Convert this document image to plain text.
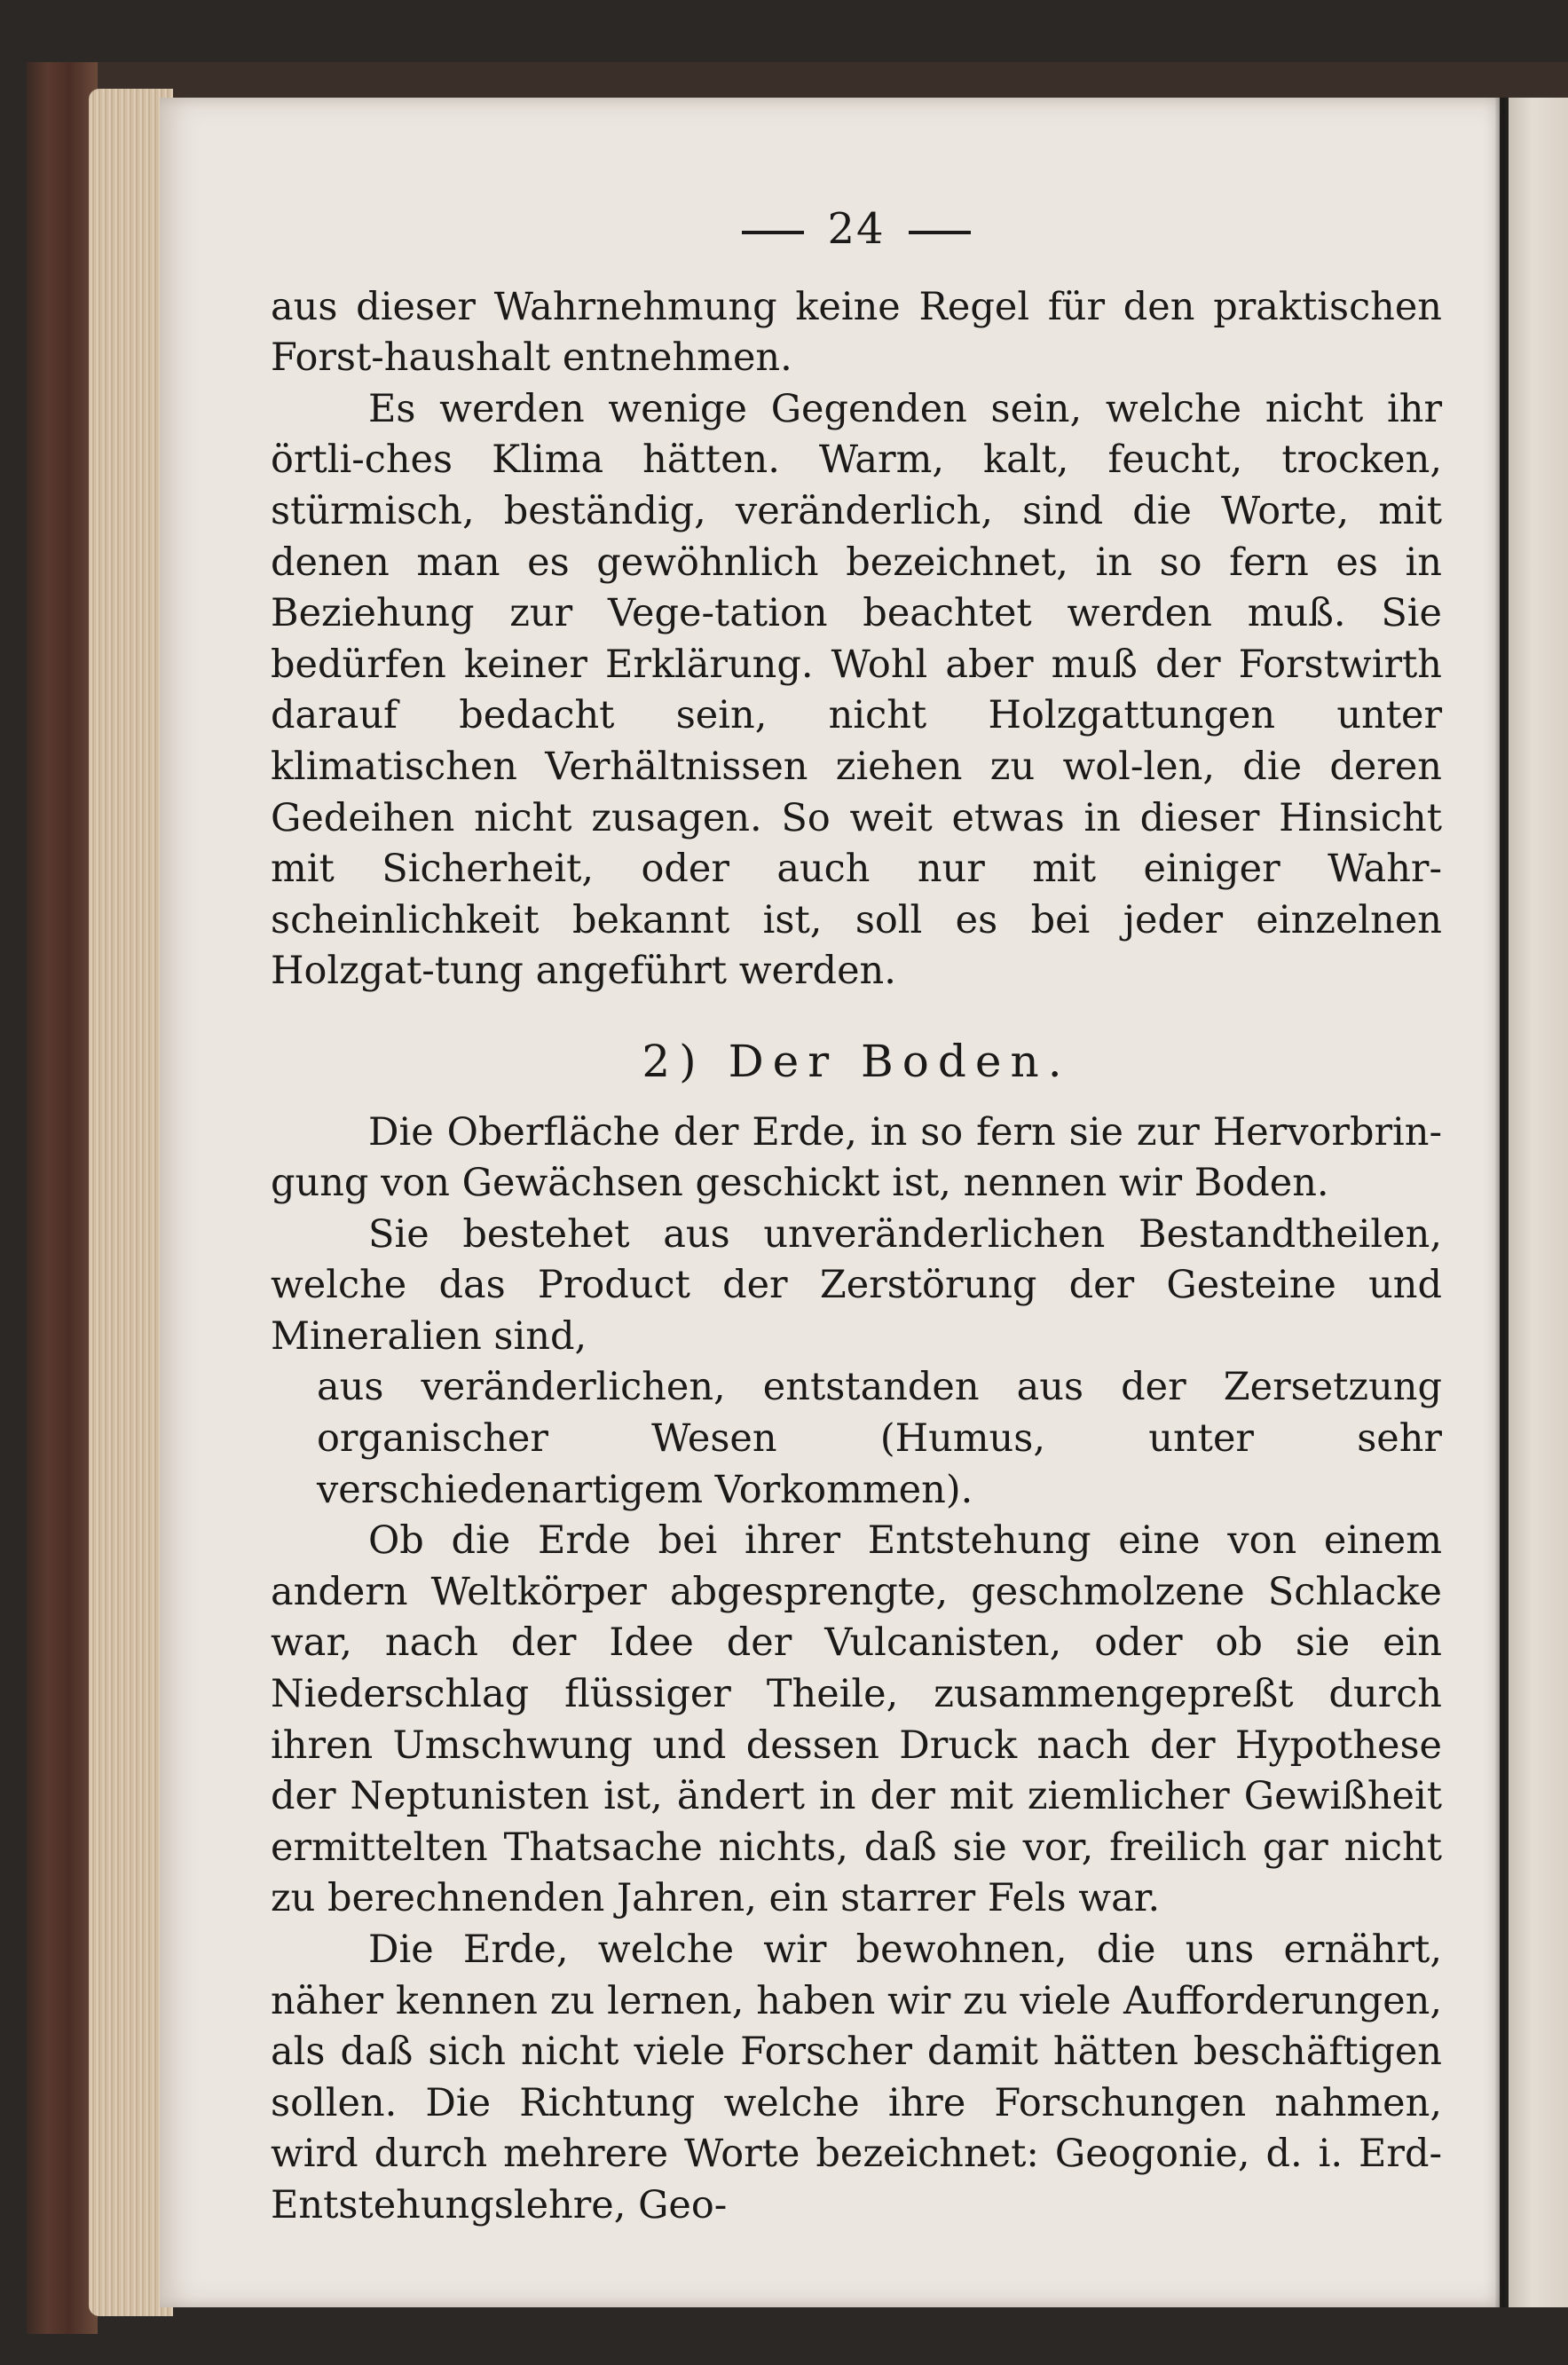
24

aus dieser Wahrnehmung keine Regel für den praktischen Forst-haushalt entnehmen.

Es werden wenige Gegenden sein, welche nicht ihr örtli-ches Klima hätten. Warm, kalt, feucht, trocken, stürmisch, beständig, veränderlich, sind die Worte, mit denen man es gewöhnlich bezeichnet, in so fern es in Beziehung zur Vege-tation beachtet werden muß. Sie bedürfen keiner Erklärung. Wohl aber muß der Forstwirth darauf bedacht sein, nicht Holzgattungen unter klimatischen Verhältnissen ziehen zu wol-len, die deren Gedeihen nicht zusagen. So weit etwas in dieser Hinsicht mit Sicherheit, oder auch nur mit einiger Wahr-scheinlichkeit bekannt ist, soll es bei jeder einzelnen Holzgat-tung angeführt werden.

2) Der Boden.

Die Oberfläche der Erde, in so fern sie zur Hervorbrin-gung von Gewächsen geschickt ist, nennen wir Boden.

Sie bestehet aus unveränderlichen Bestandtheilen, welche das Product der Zerstörung der Gesteine und Mineralien sind,

aus veränderlichen, entstanden aus der Zersetzung organischer Wesen (Humus, unter sehr verschiedenartigem Vorkommen).

Ob die Erde bei ihrer Entstehung eine von einem andern Weltkörper abgesprengte, geschmolzene Schlacke war, nach der Idee der Vulcanisten, oder ob sie ein Niederschlag flüssiger Theile, zusammengepreßt durch ihren Umschwung und dessen Druck nach der Hypothese der Neptunisten ist, ändert in der mit ziemlicher Gewißheit ermittelten Thatsache nichts, daß sie vor, freilich gar nicht zu berechnenden Jahren, ein starrer Fels war.

Die Erde, welche wir bewohnen, die uns ernährt, näher kennen zu lernen, haben wir zu viele Aufforderungen, als daß sich nicht viele Forscher damit hätten beschäftigen sollen. Die Richtung welche ihre Forschungen nahmen, wird durch mehrere Worte bezeichnet: Geogonie, d. i. Erd-Entstehungslehre, Geo-
